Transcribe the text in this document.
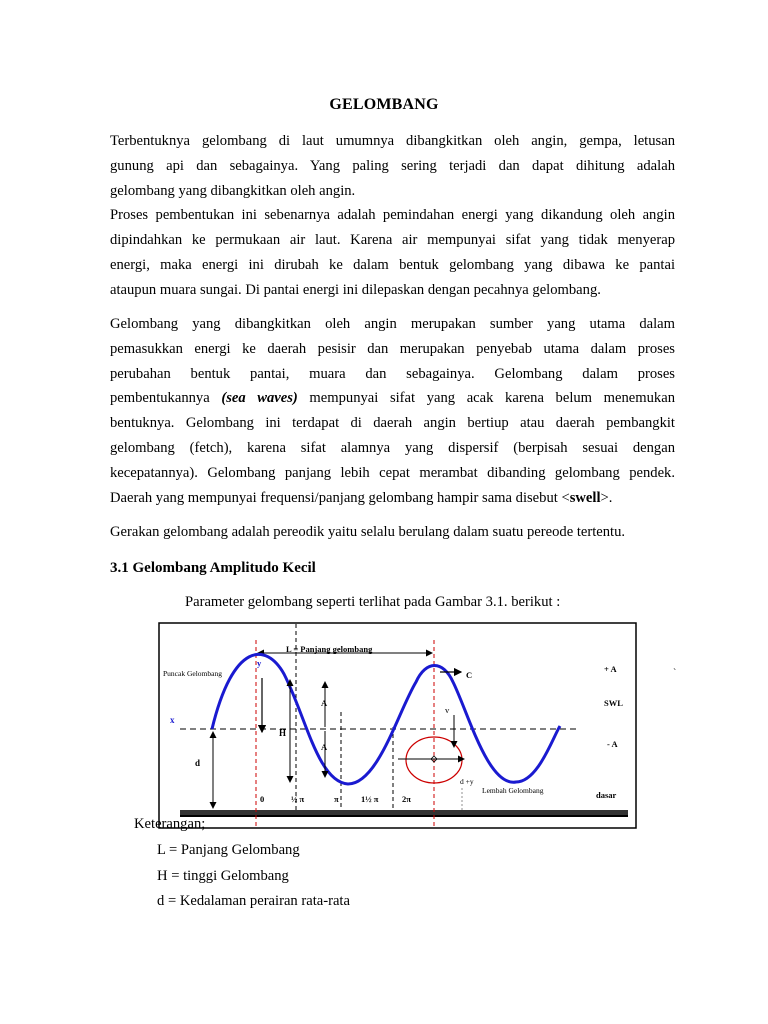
GELOMBANG

Terbentuknya gelombang di laut umumnya dibangkitkan oleh angin, gempa, letusan

gunung api dan sebagainya. Yang paling sering terjadi dan dapat dihitung adalah

gelombang yang dibangkitkan oleh angin.

Proses pembentukan ini sebenarnya adalah pemindahan energi yang dikandung oleh angin

dipindahkan ke permukaan air laut. Karena air mempunyai sifat yang tidak menyerap

energi, maka energi ini dirubah ke dalam bentuk gelombang yang dibawa ke pantai

ataupun muara sungai. Di pantai energi ini dilepaskan dengan pecahnya gelombang.

Gelombang yang dibangkitkan oleh angin merupakan sumber yang utama dalam

pemasukkan energi ke daerah pesisir dan merupakan penyebab utama dalam proses

perubahan bentuk pantai, muara dan sebagainya. Gelombang dalam proses

pembentukannya (sea waves) mempunyai sifat yang acak karena belum menemukan

bentuknya. Gelombang ini terdapat di daerah angin bertiup atau daerah pembangkit

gelombang (fetch), karena sifat alamnya yang dispersif (berpisah sesuai dengan

kecepatannya). Gelombang panjang lebih cepat merambat dibanding gelombang pendek.

Daerah yang mempunyai frequensi/panjang gelombang hampir sama disebut <swell>.

Gerakan gelombang adalah pereodik yaitu selalu berulang dalam suatu pereode tertentu.

3.1 Gelombang Amplitudo Kecil
Parameter gelombang seperti terlihat pada Gambar 3.1. berikut :
L = Panjang gelombang
H
A
A
d
C
v
d +y
Lembah Gelombang
Puncak Gelombang
y
x
+ A
SWL
- A
dasar
0	½ π	π	1½ π	2π
`
Keterangan;
L = Panjang Gelombang
H = tinggi Gelombang
d = Kedalaman perairan rata-rata
